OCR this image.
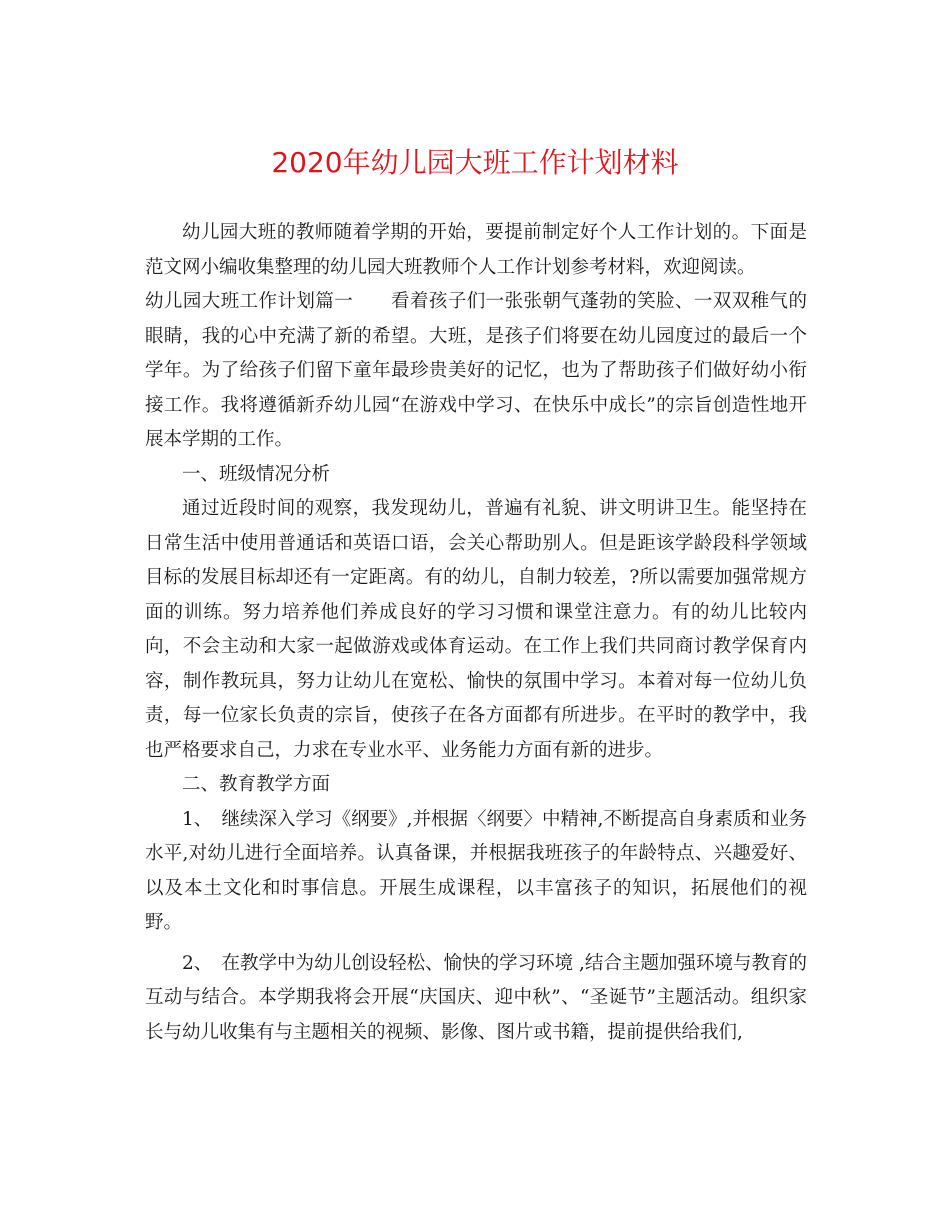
2020年幼儿园大班工作计划材料

幼儿园大班的教师随着学期的开始，要提前制定好个人工作计划的。下面是范文网小编收集整理的幼儿园大班教师个人工作计划参考材料，欢迎阅读。

幼儿园大班工作计划篇一　　看着孩子们一张张朝气蓬勃的笑脸、一双双稚气的眼睛，我的心中充满了新的希望。大班，是孩子们将要在幼儿园度过的最后一个学年。为了给孩子们留下童年最珍贵美好的记忆，也为了帮助孩子们做好幼小衔接工作。我将遵循新乔幼儿园“在游戏中学习、在快乐中成长”的宗旨创造性地开展本学期的工作。

一、班级情况分析

通过近段时间的观察，我发现幼儿，普遍有礼貌、讲文明讲卫生。能坚持在日常生活中使用普通话和英语口语，会关心帮助别人。但是距该学龄段科学领域目标的发展目标却还有一定距离。有的幼儿，自制力较差，?所以需要加强常规方面的训练。努力培养他们养成良好的学习习惯和课堂注意力。有的幼儿比较内向，不会主动和大家一起做游戏或体育运动。在工作上我们共同商讨教学保育内容，制作教玩具，努力让幼儿在宽松、愉快的氛围中学习。本着对每一位幼儿负责，每一位家长负责的宗旨，使孩子在各方面都有所进步。在平时的教学中，我也严格要求自己，力求在专业水平、业务能力方面有新的进步。

二、教育教学方面

1、　继续深入学习《纲要》,并根据〈纲要〉中精神,不断提高自身素质和业务水平,对幼儿进行全面培养。认真备课，并根据我班孩子的年龄特点、兴趣爱好、以及本土文化和时事信息。开展生成课程，以丰富孩子的知识，拓展他们的视野。

2、　在教学中为幼儿创设轻松、愉快的学习环境 ,结合主题加强环境与教育的互动与结合。本学期我将会开展“庆国庆、迎中秋”、“圣诞节”主题活动。组织家长与幼儿收集有与主题相关的视频、影像、图片或书籍，提前提供给我们,
